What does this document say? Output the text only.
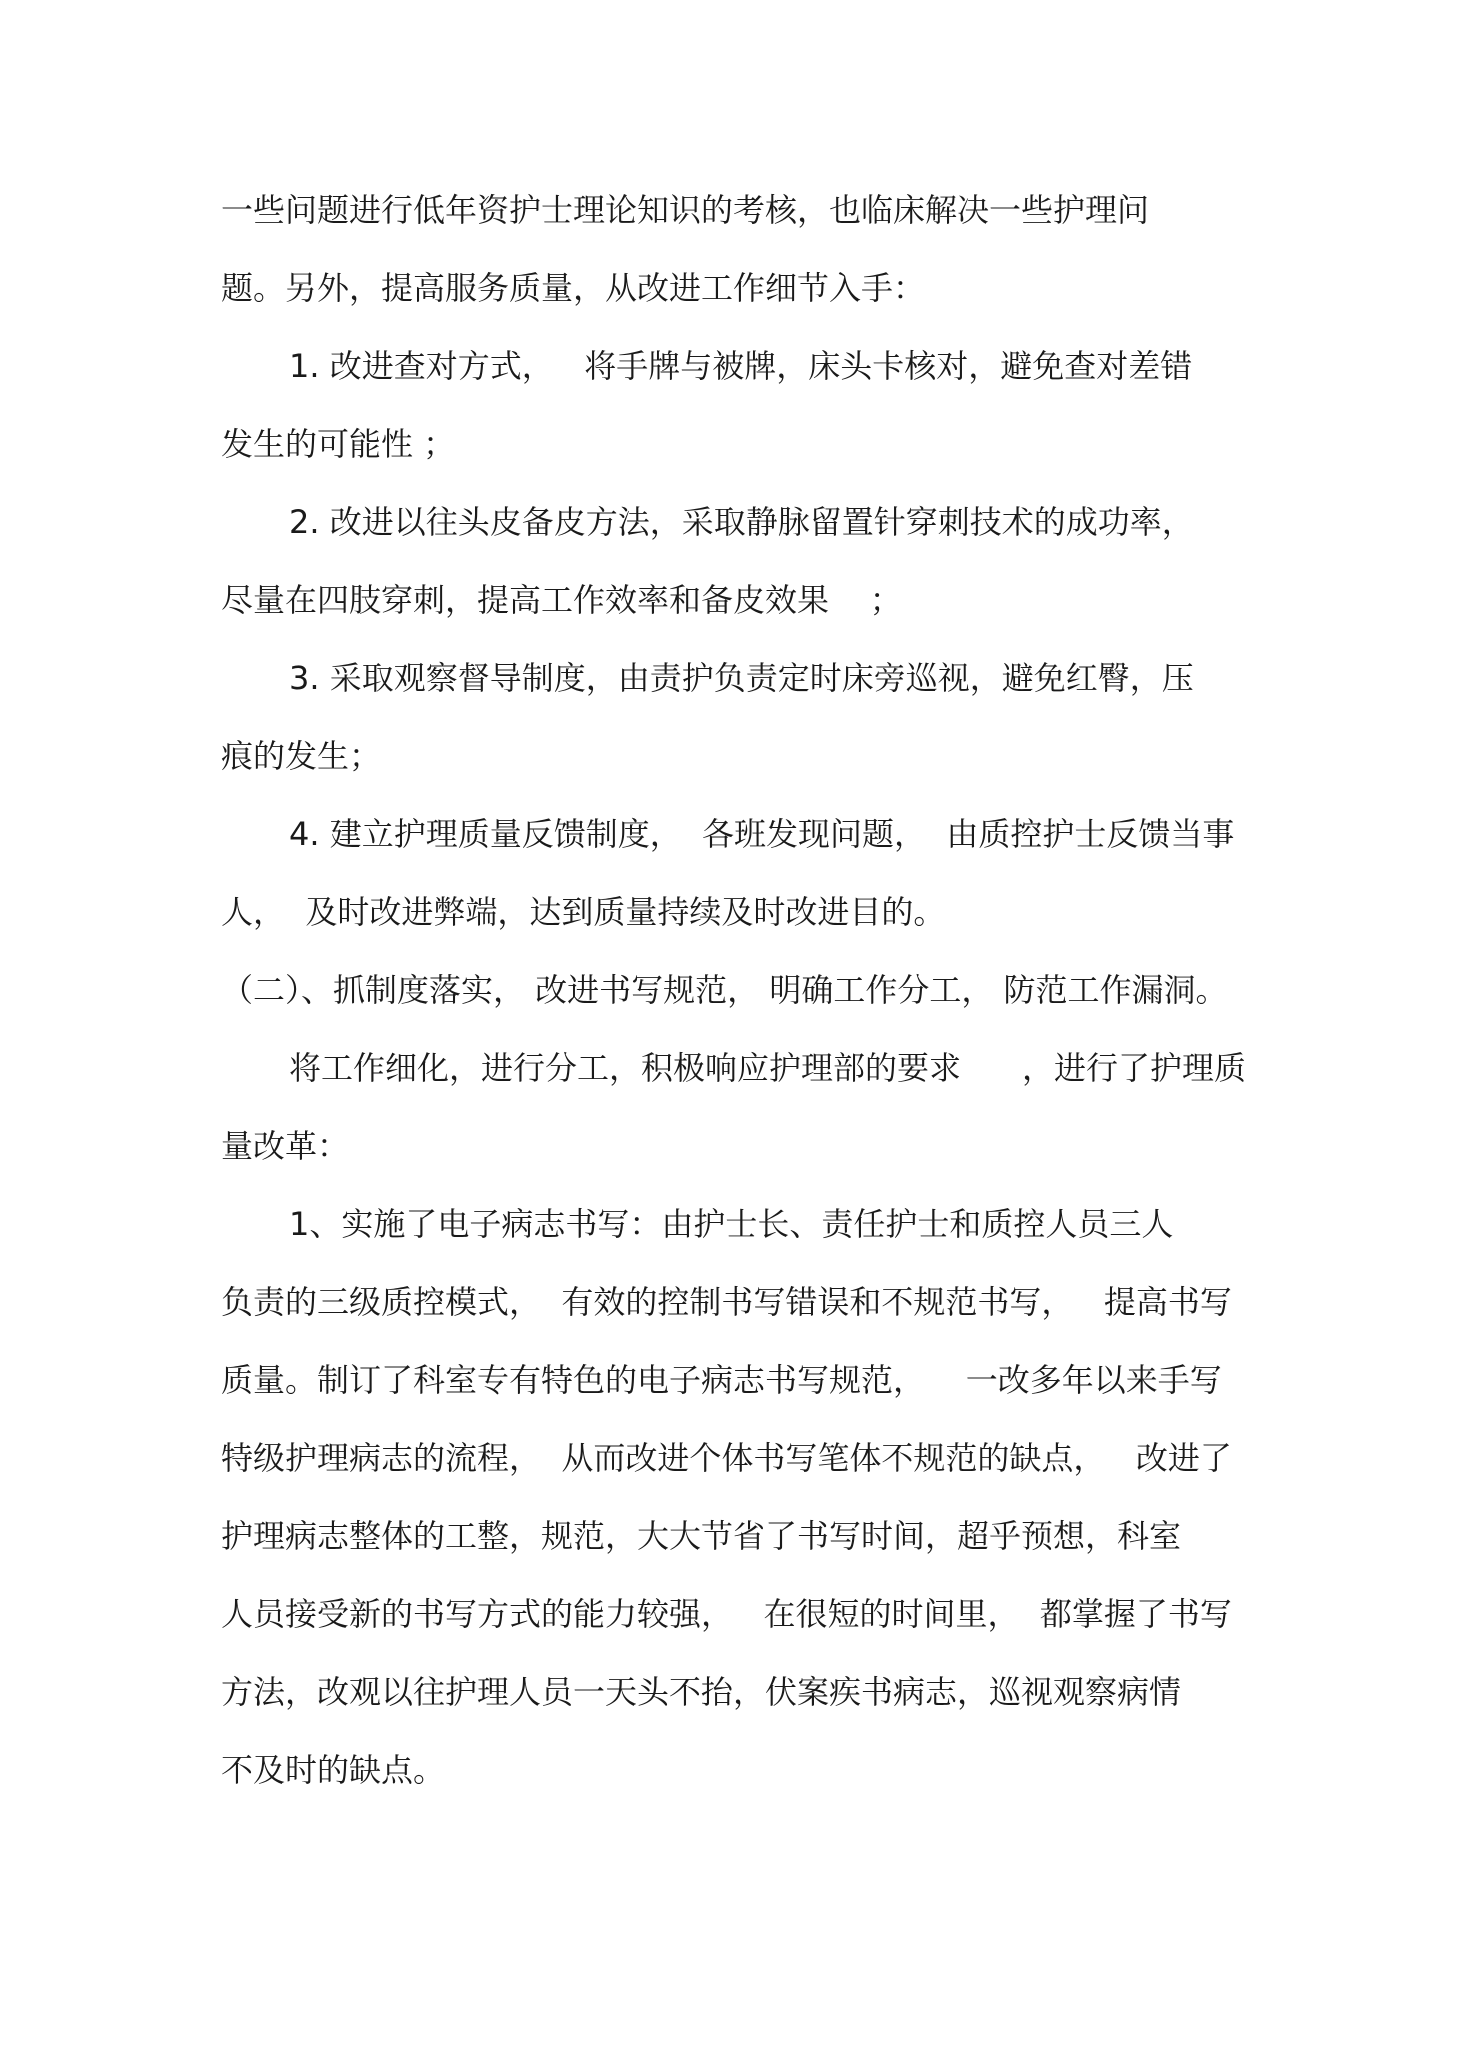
一些问题进行低年资护士理论知识的考核，也临床解决一些护理问
题。另外，提高服务质量，从改进工作细节入手：
1. 改进查对方式，   将手牌与被牌，床头卡核对，避免查对差错
发生的可能性 ；
2. 改进以往头皮备皮方法，采取静脉留置针穿刺技术的成功率，
尽量在四肢穿刺，提高工作效率和备皮效果    ；
3. 采取观察督导制度，由责护负责定时床旁巡视，避免红臀，压
痕的发生；
4. 建立护理质量反馈制度，  各班发现问题，  由质控护士反馈当事
人，  及时改进弊端，达到质量持续及时改进目的。
（二）、抓制度落实， 改进书写规范， 明确工作分工， 防范工作漏洞。
将工作细化，进行分工，积极响应护理部的要求      ，进行了护理质
量改革：
1、实施了电子病志书写：由护士长、责任护士和质控人员三人
负责的三级质控模式，  有效的控制书写错误和不规范书写，   提高书写
质量。制订了科室专有特色的电子病志书写规范，    一改多年以来手写
特级护理病志的流程，  从而改进个体书写笔体不规范的缺点，   改进了
护理病志整体的工整，规范，大大节省了书写时间，超乎预想，科室
人员接受新的书写方式的能力较强，   在很短的时间里，  都掌握了书写
方法，改观以往护理人员一天头不抬，伏案疾书病志，巡视观察病情
不及时的缺点。
